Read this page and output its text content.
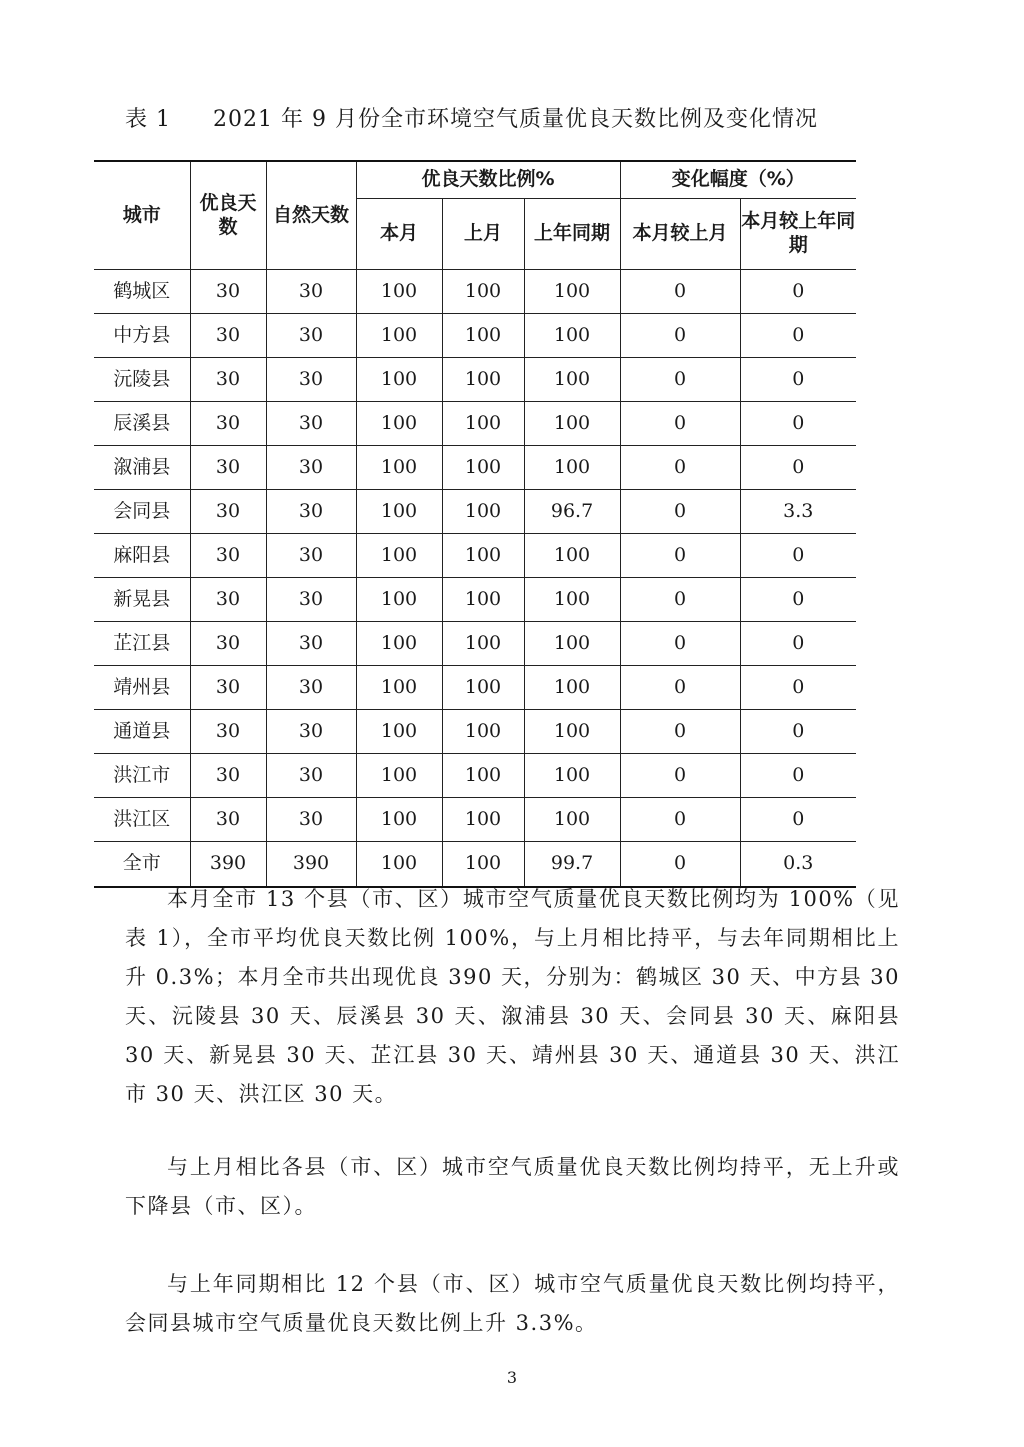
表 1 2021 年 9 月份全市环境空气质量优良天数比例及变化情况
城市	优良天数	自然天数	优良天数比例%			变化幅度（%）	
			本月	上月	上年同期	本月较上月	本月较上年同期
鹤城区	30	30	100	100	100	0	0
中方县	30	30	100	100	100	0	0
沅陵县	30	30	100	100	100	0	0
辰溪县	30	30	100	100	100	0	0
溆浦县	30	30	100	100	100	0	0
会同县	30	30	100	100	96.7	0	3.3
麻阳县	30	30	100	100	100	0	0
新晃县	30	30	100	100	100	0	0
芷江县	30	30	100	100	100	0	0
靖州县	30	30	100	100	100	0	0
通道县	30	30	100	100	100	0	0
洪江市	30	30	100	100	100	0	0
洪江区	30	30	100	100	100	0	0
全市	390	390	100	100	99.7	0	0.3

本月全市 13 个县（市、区）城市空气质量优良天数比例均为 100%（见表 1），全市平均优良天数比例 100%，与上月相比持平，与去年同期相比上升 0.3%；本月全市共出现优良 390 天，分别为：鹤城区 30 天、中方县 30 天、沅陵县 30 天、辰溪县 30 天、溆浦县 30 天、会同县 30 天、麻阳县 30 天、新晃县 30 天、芷江县 30 天、靖州县 30 天、通道县 30 天、洪江市 30 天、洪江区 30 天。

与上月相比各县（市、区）城市空气质量优良天数比例均持平，无上升或下降县（市、区）。

与上年同期相比 12 个县（市、区）城市空气质量优良天数比例均持平，会同县城市空气质量优良天数比例上升 3.3%。

3
